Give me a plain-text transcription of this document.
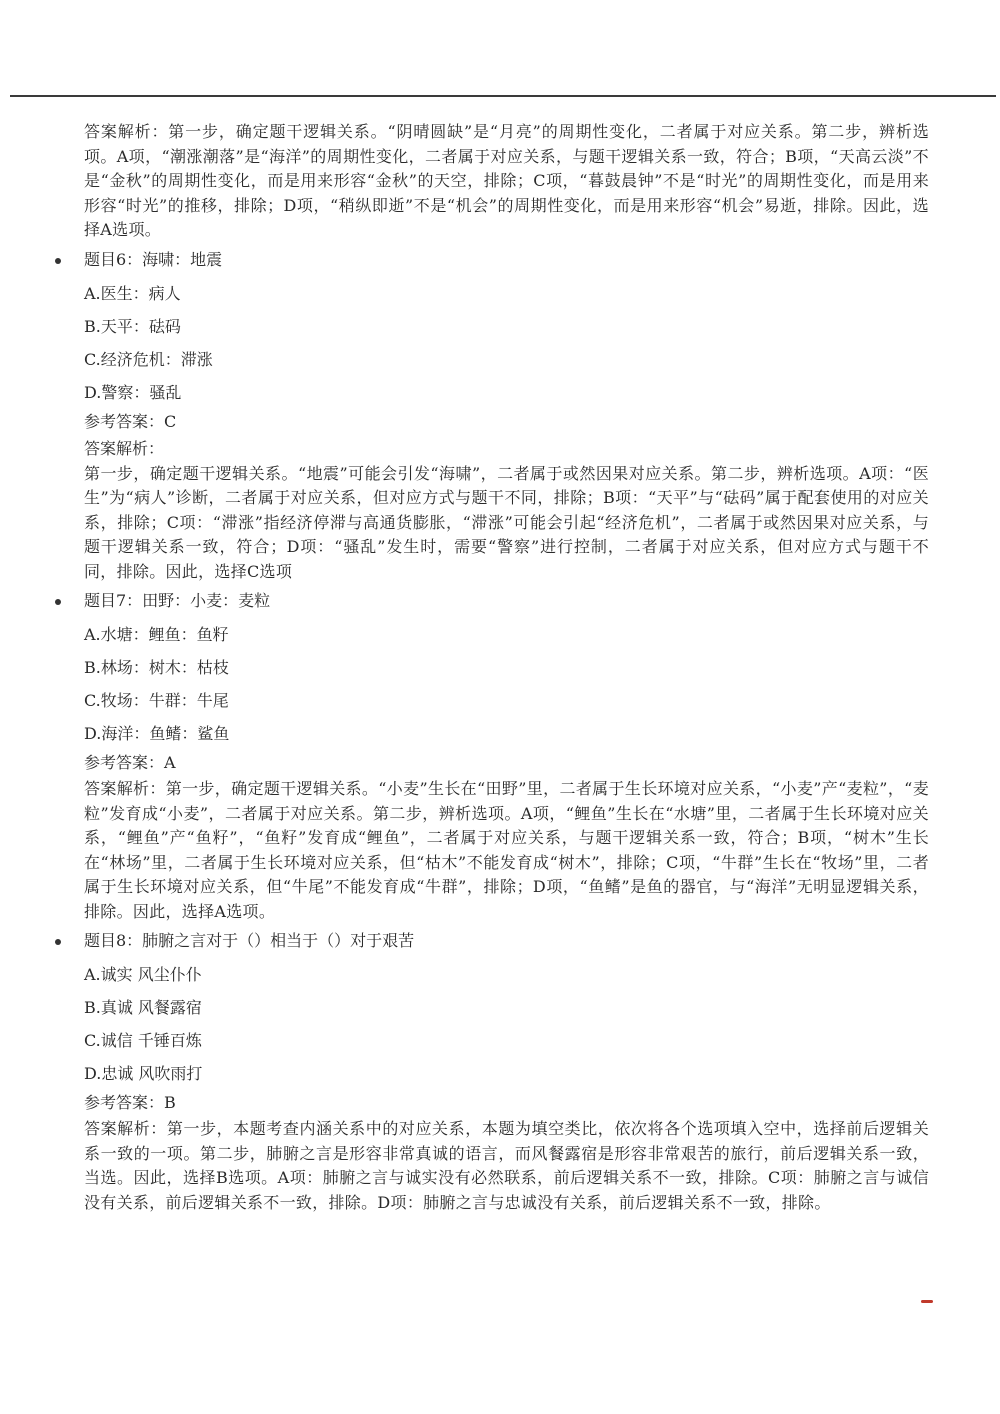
答案解析：第一步，确定题干逻辑关系。“阴晴圆缺”是“月亮”的周期性变化，二者属于对应关系。第二步，辨析选项。A项，“潮涨潮落”是“海洋”的周期性变化，二者属于对应关系，与题干逻辑关系一致，符合；B项，“天高云淡”不是“金秋”的周期性变化，而是用来形容“金秋”的天空，排除；C项，“暮鼓晨钟”不是“时光”的周期性变化，而是用来形容“时光”的推移，排除；D项，“稍纵即逝”不是“机会”的周期性变化，而是用来形容“机会”易逝，排除。因此，选择A选项。

题目6：海啸：地震
A.医生：病人
B.天平：砝码
C.经济危机：滞涨
D.警察：骚乱
参考答案：C
答案解析：

第一步，确定题干逻辑关系。“地震”可能会引发“海啸”，二者属于或然因果对应关系。第二步，辨析选项。A项：“医生”为“病人”诊断，二者属于对应关系，但对应方式与题干不同，排除；B项：“天平”与“砝码”属于配套使用的对应关系，排除；C项：“滞涨”指经济停滞与高通货膨胀，“滞涨”可能会引起“经济危机”，二者属于或然因果对应关系，与题干逻辑关系一致，符合；D项：“骚乱”发生时，需要“警察”进行控制，二者属于对应关系，但对应方式与题干不同，排除。因此，选择C选项

题目7：田野：小麦：麦粒
A.水塘：鲤鱼：鱼籽
B.林场：树木：枯枝
C.牧场：牛群：牛尾
D.海洋：鱼鳍：鲨鱼
参考答案：A

答案解析：第一步，确定题干逻辑关系。“小麦”生长在“田野”里，二者属于生长环境对应关系，“小麦”产“麦粒”，“麦粒”发育成“小麦”，二者属于对应关系。第二步，辨析选项。A项，“鲤鱼”生长在“水塘”里，二者属于生长环境对应关系，“鲤鱼”产“鱼籽”，“鱼籽”发育成“鲤鱼”，二者属于对应关系，与题干逻辑关系一致，符合；B项，“树木”生长在“林场”里，二者属于生长环境对应关系，但“枯木”不能发育成“树木”，排除；C项，“牛群”生长在“牧场”里，二者属于生长环境对应关系，但“牛尾”不能发育成“牛群”，排除；D项，“鱼鳍”是鱼的器官，与“海洋”无明显逻辑关系，排除。因此，选择A选项。

题目8：肺腑之言对于（）相当于（）对于艰苦
A.诚实 风尘仆仆
B.真诚 风餐露宿
C.诚信 千锤百炼
D.忠诚 风吹雨打
参考答案：B

答案解析：第一步，本题考查内涵关系中的对应关系，本题为填空类比，依次将各个选项填入空中，选择前后逻辑关系一致的一项。第二步，肺腑之言是形容非常真诚的语言，而风餐露宿是形容非常艰苦的旅行，前后逻辑关系一致，当选。因此，选择B选项。A项：肺腑之言与诚实没有必然联系，前后逻辑关系不一致，排除。C项：肺腑之言与诚信没有关系，前后逻辑关系不一致，排除。D项：肺腑之言与忠诚没有关系，前后逻辑关系不一致，排除。
